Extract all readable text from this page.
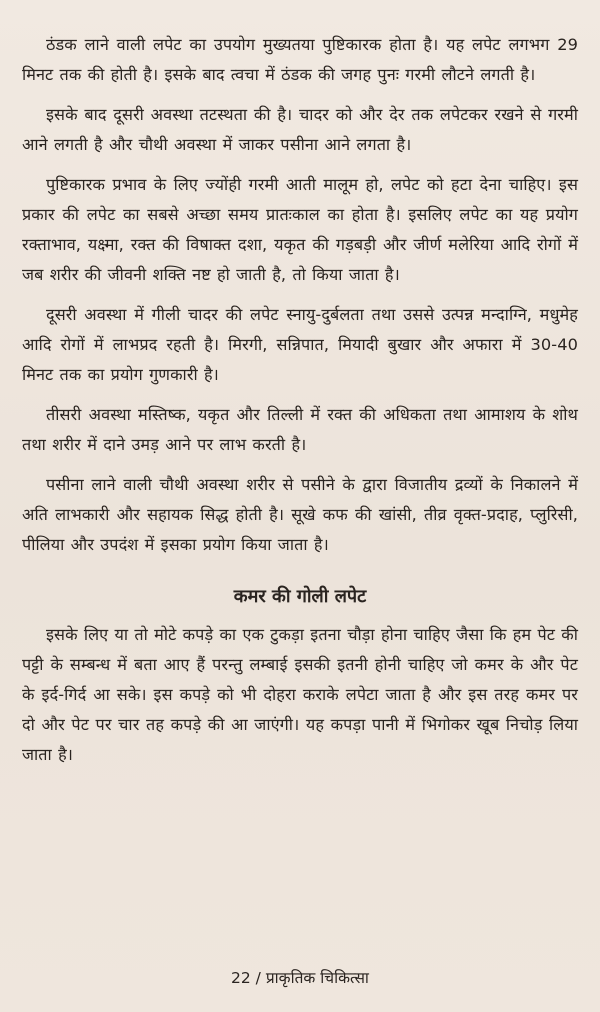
ठंडक लाने वाली लपेट का उपयोग मुख्यतया पुष्टिकारक होता है। यह लपेट लगभग 29 मिनट तक की होती है। इसके बाद त्वचा में ठंडक की जगह पुनः गरमी लौटने लगती है।

इसके बाद दूसरी अवस्था तटस्थता की है। चादर को और देर तक लपेटकर रखने से गरमी आने लगती है और चौथी अवस्था में जाकर पसीना आने लगता है।

पुष्टिकारक प्रभाव के लिए ज्योंही गरमी आती मालूम हो, लपेट को हटा देना चाहिए। इस प्रकार की लपेट का सबसे अच्छा समय प्रातःकाल का होता है। इसलिए लपेट का यह प्रयोग रक्ताभाव, यक्ष्मा, रक्त की विषाक्त दशा, यकृत की गड़बड़ी और जीर्ण मलेरिया आदि रोगों में जब शरीर की जीवनी शक्ति नष्ट हो जाती है, तो किया जाता है।

दूसरी अवस्था में गीली चादर की लपेट स्नायु-दुर्बलता तथा उससे उत्पन्न मन्दाग्नि, मधुमेह आदि रोगों में लाभप्रद रहती है। मिरगी, सन्निपात, मियादी बुखार और अफारा में 30-40 मिनट तक का प्रयोग गुणकारी है।

तीसरी अवस्था मस्तिष्क, यकृत और तिल्ली में रक्त की अधिकता तथा आमाशय के शोथ तथा शरीर में दाने उमड़ आने पर लाभ करती है।

पसीना लाने वाली चौथी अवस्था शरीर से पसीने के द्वारा विजातीय द्रव्यों के निकालने में अति लाभकारी और सहायक सिद्ध होती है। सूखे कफ की खांसी, तीव्र वृक्त-प्रदाह, प्लुरिसी, पीलिया और उपदंश में इसका प्रयोग किया जाता है।

कमर की गोली लपेट

इसके लिए या तो मोटे कपड़े का एक टुकड़ा इतना चौड़ा होना चाहिए जैसा कि हम पेट की पट्टी के सम्बन्ध में बता आए हैं परन्तु लम्बाई इसकी इतनी होनी चाहिए जो कमर के और पेट के इर्द-गिर्द आ सके। इस कपड़े को भी दोहरा कराके लपेटा जाता है और इस तरह कमर पर दो और पेट पर चार तह कपड़े की आ जाएंगी। यह कपड़ा पानी में भिगोकर खूब निचोड़ लिया जाता है।

22 / प्राकृतिक चिकित्सा
